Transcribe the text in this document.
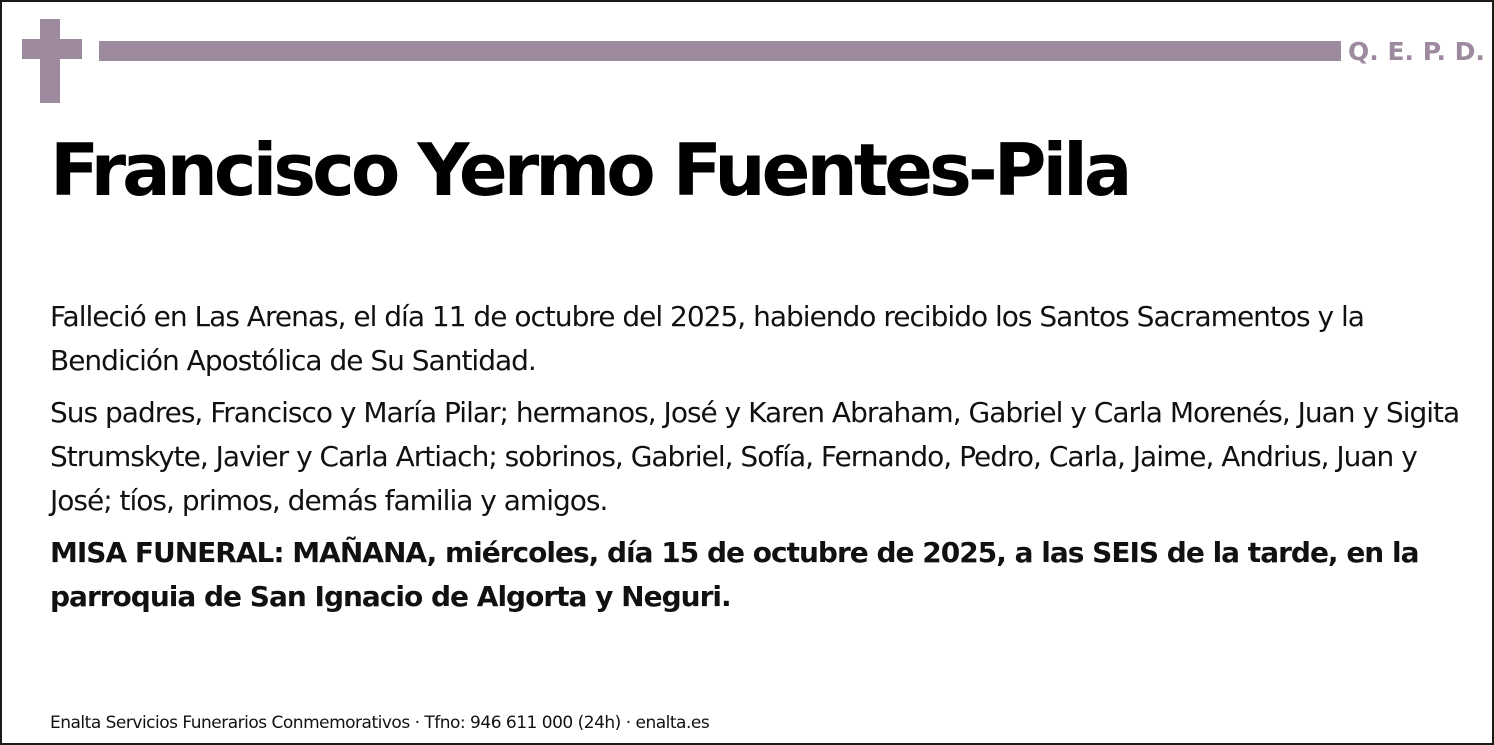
Q. E. P. D.
Francisco Yermo Fuentes-Pila

Falleció en Las Arenas, el día 11 de octubre del 2025, habiendo recibido los Santos Sacramentos y la Bendición Apostólica de Su Santidad.

Sus padres, Francisco y María Pilar; hermanos, José y Karen Abraham, Gabriel y Carla Morenés, Juan y Sigita Strumskyte, Javier y Carla Artiach; sobrinos, Gabriel, Sofía, Fernando, Pedro, Carla, Jaime, Andrius, Juan y José; tíos, primos, demás familia y amigos.

MISA FUNERAL: MAÑANA, miércoles, día 15 de octubre de 2025, a las SEIS de la tarde, en la parroquia de San Ignacio de Algorta y Neguri.

Enalta Servicios Funerarios Conmemorativos · Tfno: 946 611 000 (24h) · enalta.es
